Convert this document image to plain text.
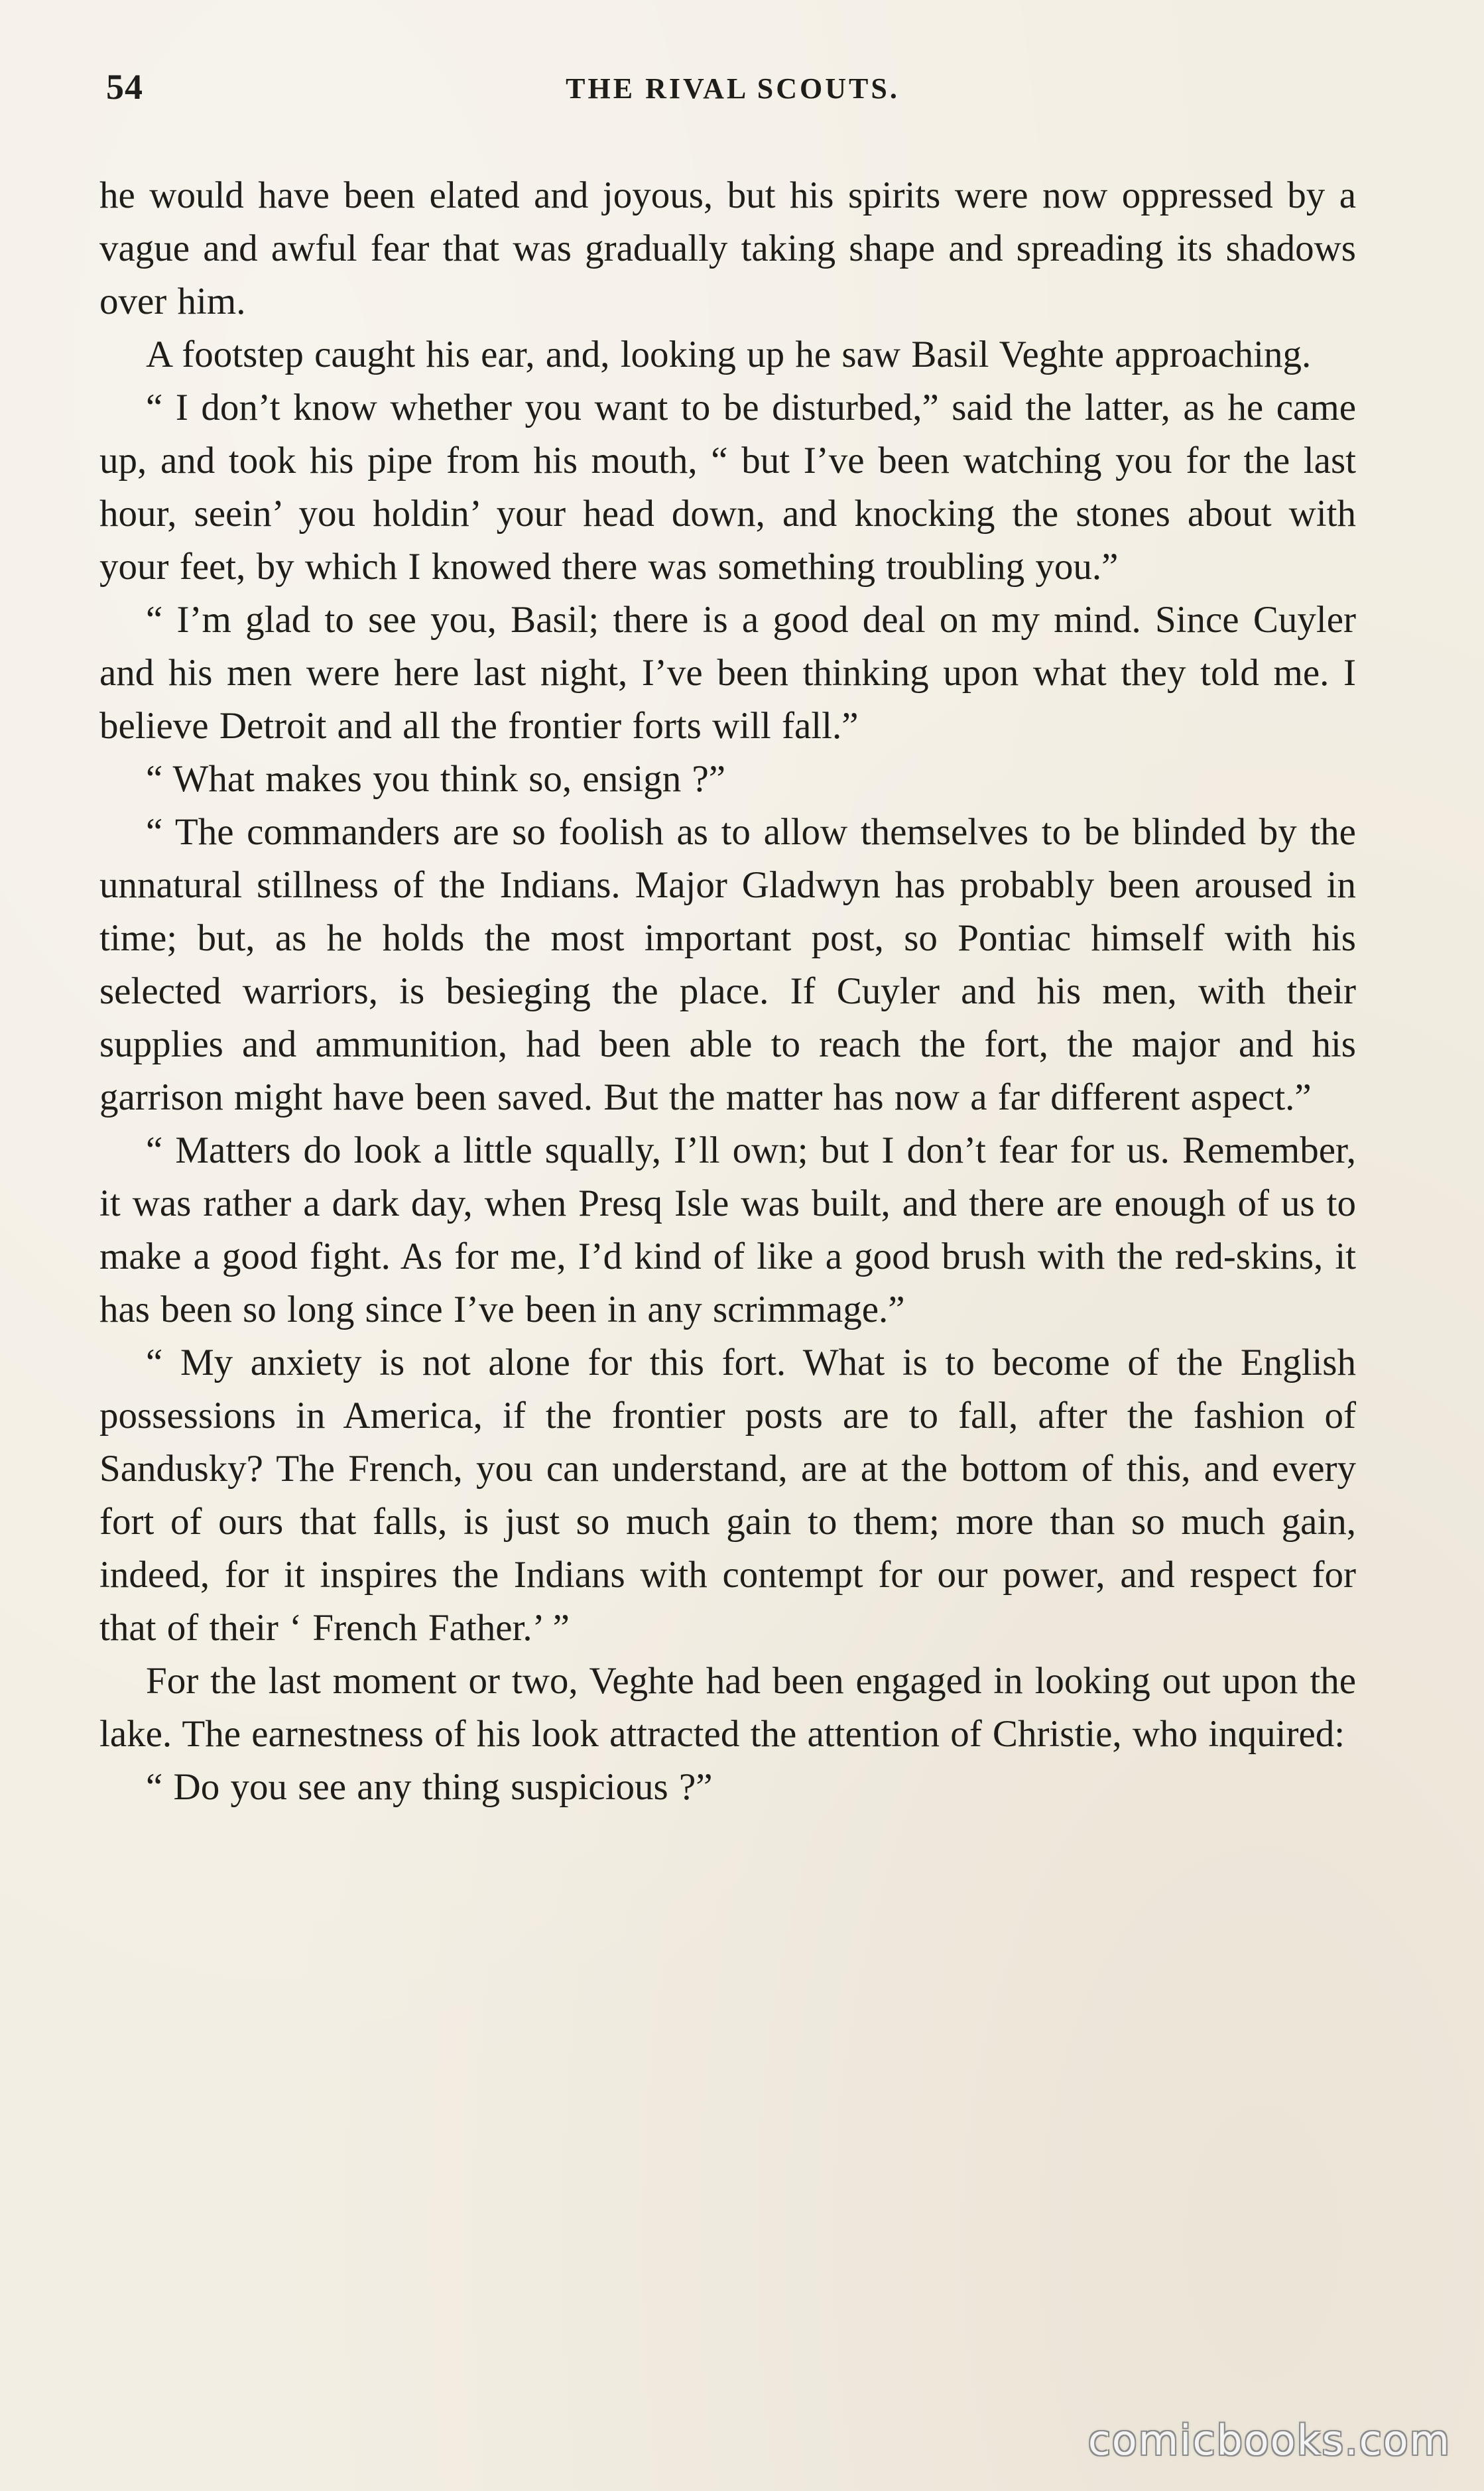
54	THE RIVAL SCOUTS.

he would have been elated and joyous, but his spirits were now oppressed by a vague and awful fear that was gradually taking shape and spreading its shadows over him.

A footstep caught his ear, and, looking up he saw Basil Veghte approaching.

“ I don’t know whether you want to be disturbed,” said the latter, as he came up, and took his pipe from his mouth, “ but I’ve been watching you for the last hour, seein’ you holdin’ your head down, and knocking the stones about with your feet, by which I knowed there was something troubling you.”

“ I’m glad to see you, Basil; there is a good deal on my mind. Since Cuyler and his men were here last night, I’ve been thinking upon what they told me. I believe Detroit and all the frontier forts will fall.”

“ What makes you think so, ensign ?”

“ The commanders are so foolish as to allow themselves to be blinded by the unnatural stillness of the Indians. Major Gladwyn has probably been aroused in time; but, as he holds the most important post, so Pontiac himself with his selected warriors, is besieging the place. If Cuyler and his men, with their supplies and ammunition, had been able to reach the fort, the major and his garrison might have been saved. But the matter has now a far different aspect.”

“ Matters do look a little squally, I’ll own; but I don’t fear for us. Remember, it was rather a dark day, when Presq Isle was built, and there are enough of us to make a good fight. As for me, I’d kind of like a good brush with the red-skins, it has been so long since I’ve been in any scrimmage.”

“ My anxiety is not alone for this fort. What is to become of the English possessions in America, if the frontier posts are to fall, after the fashion of Sandusky? The French, you can understand, are at the bottom of this, and every fort of ours that falls, is just so much gain to them; more than so much gain, indeed, for it inspires the Indians with contempt for our power, and respect for that of their ‘ French Father.’ ”

For the last moment or two, Veghte had been engaged in looking out upon the lake. The earnestness of his look attracted the attention of Christie, who inquired:

“ Do you see any thing suspicious ?”

comicbooks.com
